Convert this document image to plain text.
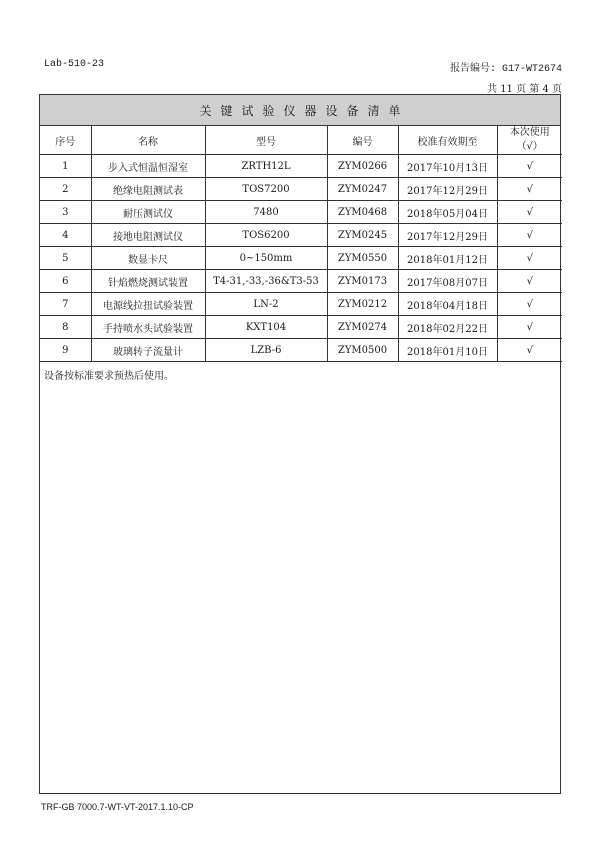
Lab-510-23	报告编号: G17-WT2674
共 11 页 第 4 页
关键试验仪器设备清单
序号	名称	型号	编号	校准有效期至	本次使用
（√）

1	步入式恒温恒湿室	ZRTH12L	ZYM0266	2017年10月13日	√
2	绝缘电阻测试表	TOS7200	ZYM0247	2017年12月29日	√
3	耐压测试仪	7480	ZYM0468	2018年05月04日	√
4	接地电阻测试仪	TOS6200	ZYM0245	2017年12月29日	√
5	数显卡尺	0~150mm	ZYM0550	2018年01月12日	√
6	针焰燃烧测试装置	T4-31,-33,-36&T3-53	ZYM0173	2017年08月07日	√
7	电源线拉扭试验装置	LN-2	ZYM0212	2018年04月18日	√
8	手持喷水头试验装置	KXT104	ZYM0274	2018年02月22日	√
9	玻璃转子流量计	LZB-6	ZYM0500	2018年01月10日	√
设备按标准要求预热后使用。
TRF-GB 7000.7-WT-VT-2017.1.10-CP
